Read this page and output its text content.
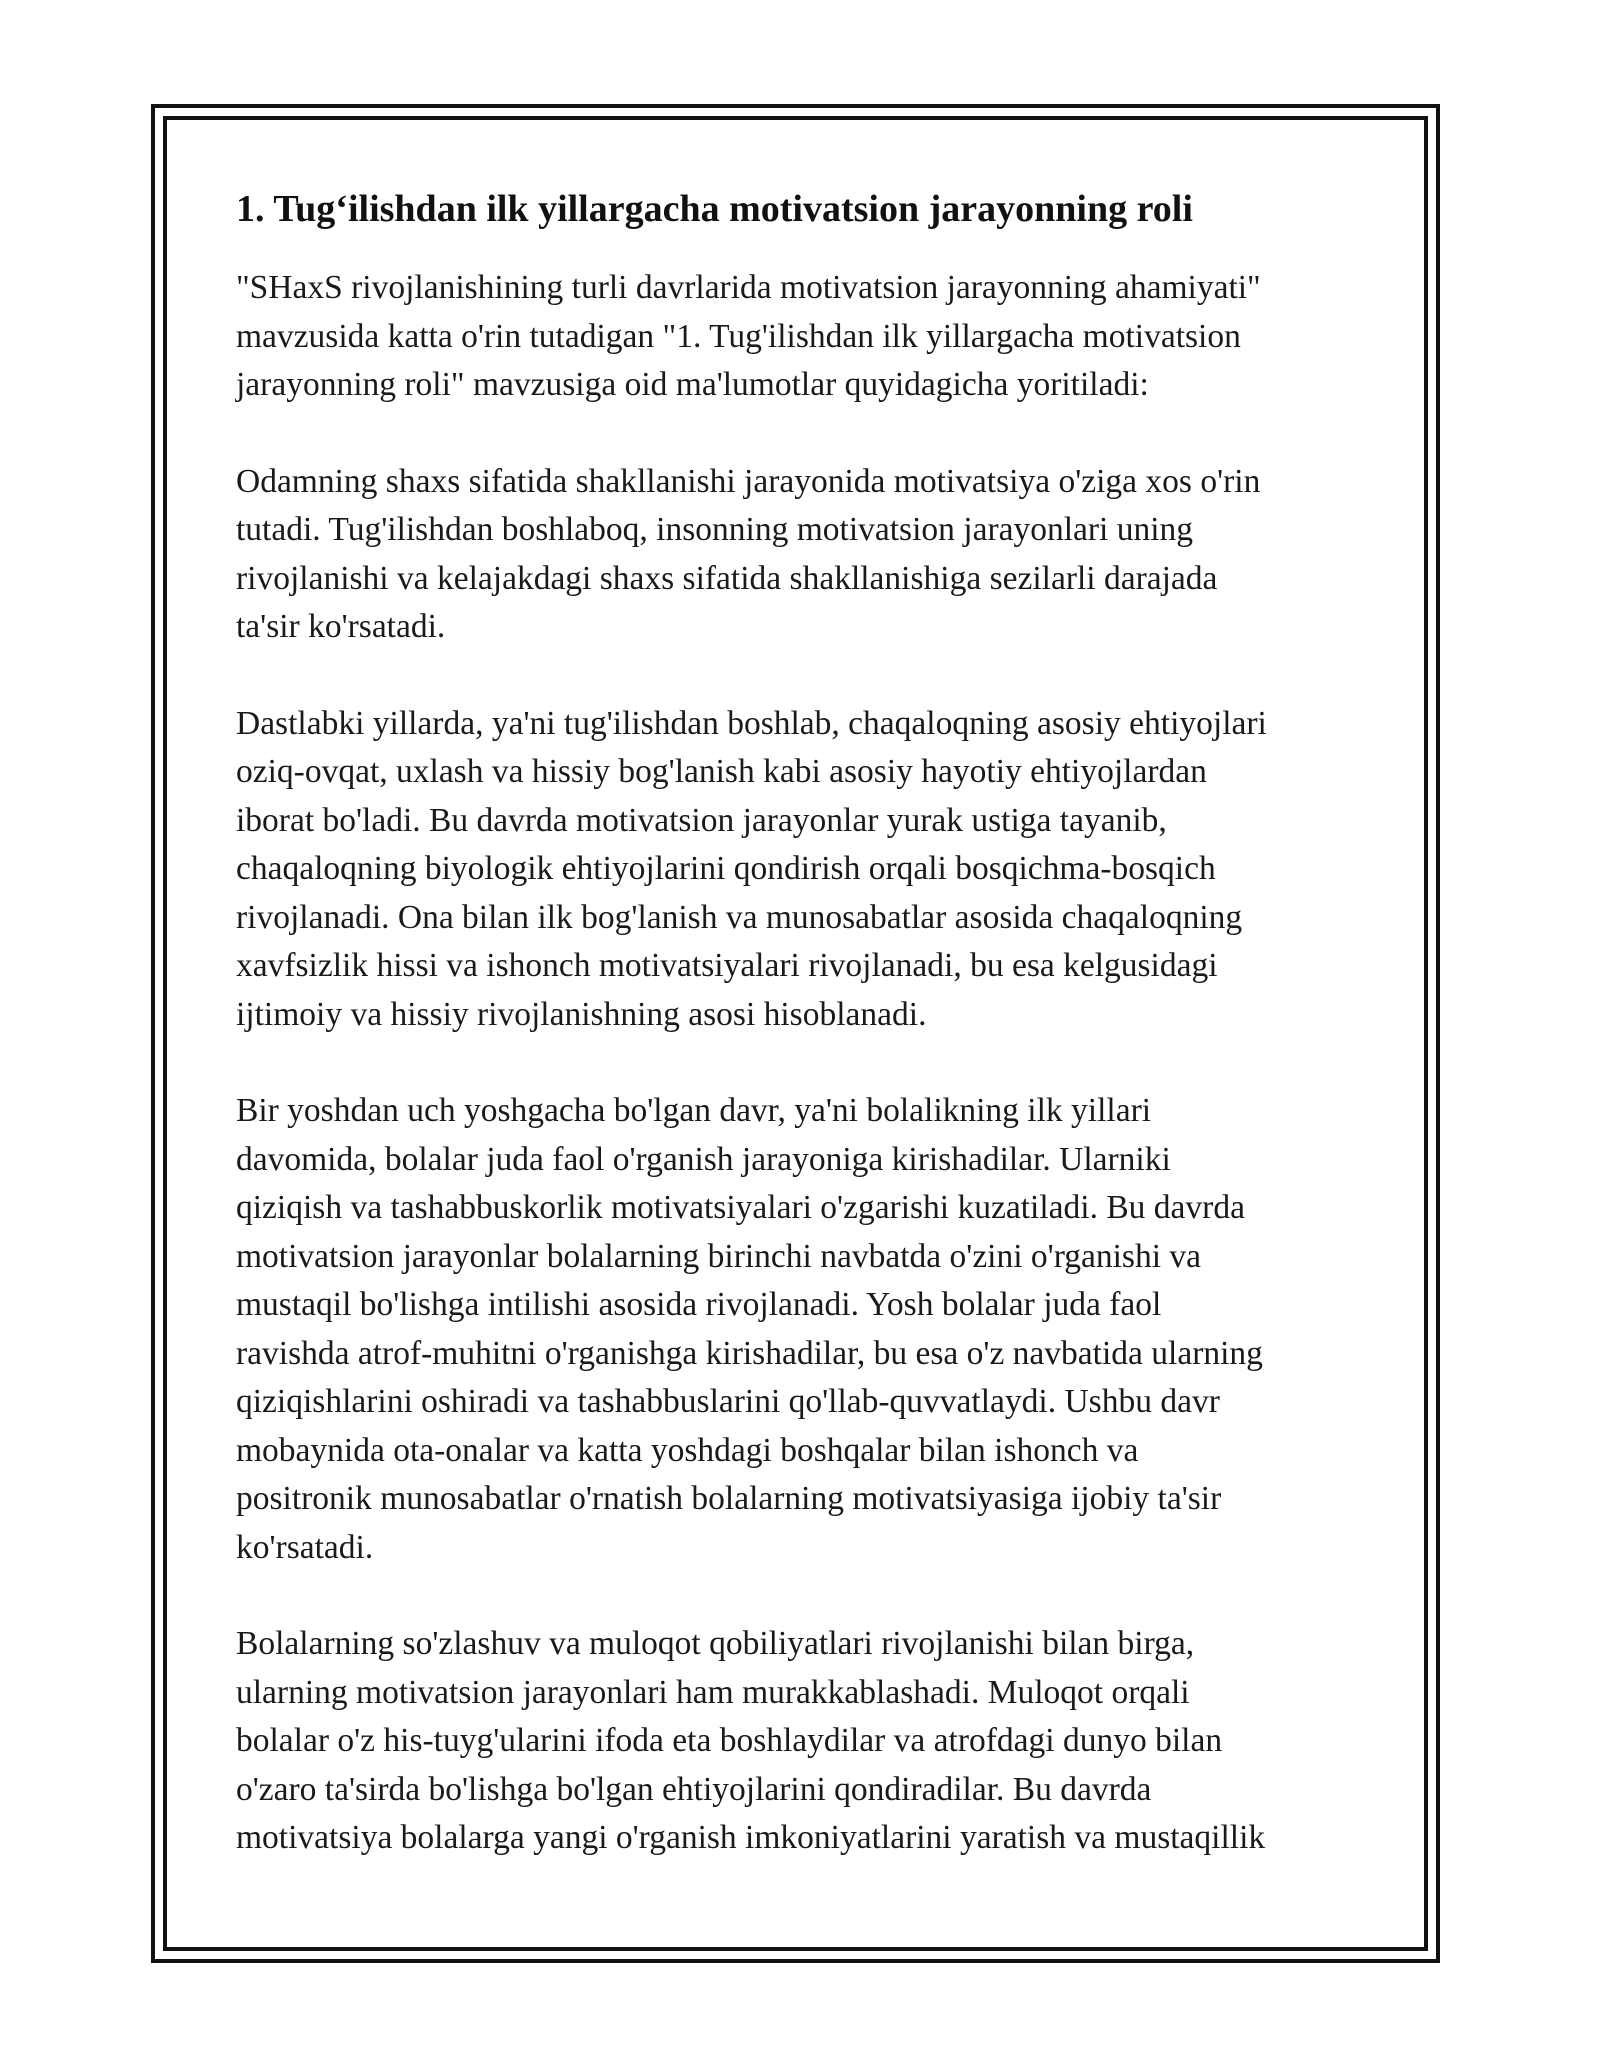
1. Tug‘ilishdan ilk yillargacha motivatsion jarayonning roli

"SHaxS rivojlanishining turli davrlarida motivatsion jarayonning ahamiyati"
mavzusida katta o'rin tutadigan "1. Tug'ilishdan ilk yillargacha motivatsion
jarayonning roli" mavzusiga oid ma'lumotlar quyidagicha yoritiladi:

Odamning shaxs sifatida shakllanishi jarayonida motivatsiya o'ziga xos o'rin
tutadi. Tug'ilishdan boshlaboq, insonning motivatsion jarayonlari uning
rivojlanishi va kelajakdagi shaxs sifatida shakllanishiga sezilarli darajada
ta'sir ko'rsatadi.

Dastlabki yillarda, ya'ni tug'ilishdan boshlab, chaqaloqning asosiy ehtiyojlari
oziq-ovqat, uxlash va hissiy bog'lanish kabi asosiy hayotiy ehtiyojlardan
iborat bo'ladi. Bu davrda motivatsion jarayonlar yurak ustiga tayanib,
chaqaloqning biyologik ehtiyojlarini qondirish orqali bosqichma-bosqich
rivojlanadi. Ona bilan ilk bog'lanish va munosabatlar asosida chaqaloqning
xavfsizlik hissi va ishonch motivatsiyalari rivojlanadi, bu esa kelgusidagi
ijtimoiy va hissiy rivojlanishning asosi hisoblanadi.

Bir yoshdan uch yoshgacha bo'lgan davr, ya'ni bolalikning ilk yillari
davomida, bolalar juda faol o'rganish jarayoniga kirishadilar. Ularniki
qiziqish va tashabbuskorlik motivatsiyalari o'zgarishi kuzatiladi. Bu davrda
motivatsion jarayonlar bolalarning birinchi navbatda o'zini o'rganishi va
mustaqil bo'lishga intilishi asosida rivojlanadi. Yosh bolalar juda faol
ravishda atrof-muhitni o'rganishga kirishadilar, bu esa o'z navbatida ularning
qiziqishlarini oshiradi va tashabbuslarini qo'llab-quvvatlaydi. Ushbu davr
mobaynida ota-onalar va katta yoshdagi boshqalar bilan ishonch va
positronik munosabatlar o'rnatish bolalarning motivatsiyasiga ijobiy ta'sir
ko'rsatadi.

Bolalarning so'zlashuv va muloqot qobiliyatlari rivojlanishi bilan birga,
ularning motivatsion jarayonlari ham murakkablashadi. Muloqot orqali
bolalar o'z his-tuyg'ularini ifoda eta boshlaydilar va atrofdagi dunyo bilan
o'zaro ta'sirda bo'lishga bo'lgan ehtiyojlarini qondiradilar. Bu davrda
motivatsiya bolalarga yangi o'rganish imkoniyatlarini yaratish va mustaqillik
